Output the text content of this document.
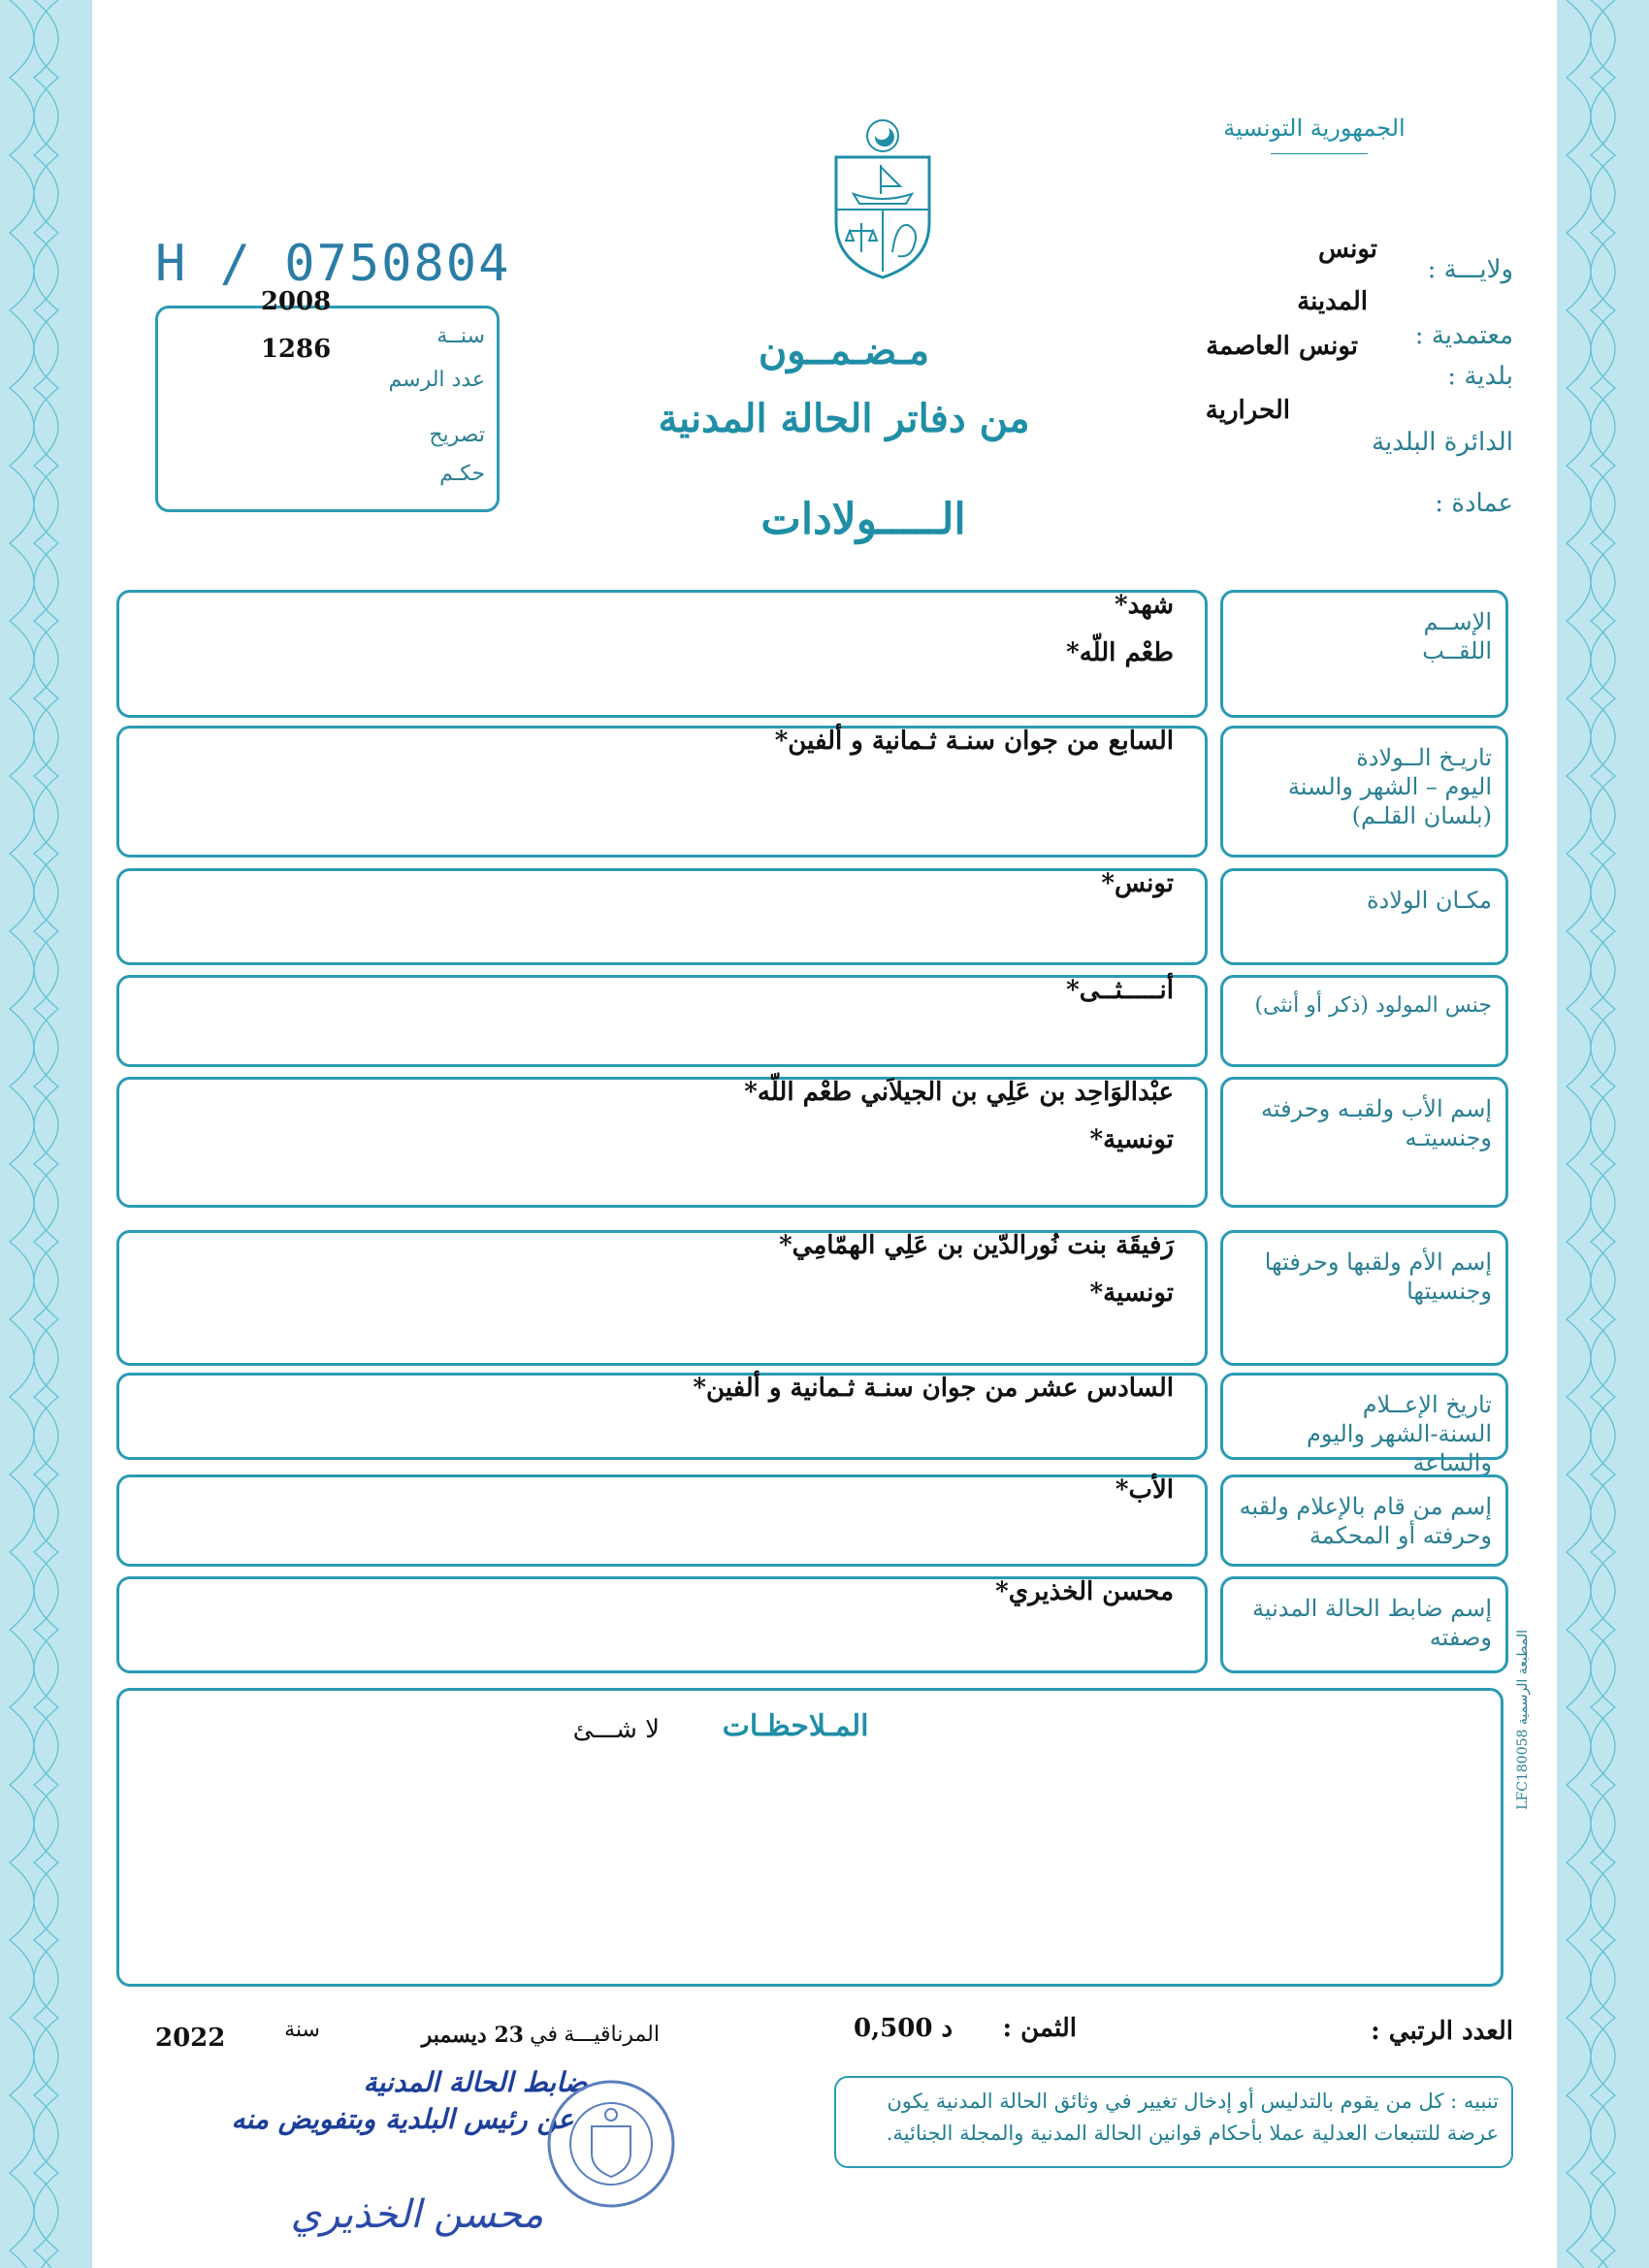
الجمهورية التونسية
H / 0750804	ولايـــة :
تونس
معتمدية :
المدينة
بلدية :
تونس العاصمة
الدائرة البلدية
الحرارية
عمادة :
2008
سنــة
1286
عدد الرسم
تصريح
حكـم
مـضـمــون
من دفاتر الحالة المدنية
الـــــولادات
الإســم
اللقــب
شهد*
طعْم اللّه*
تاريـخ الــولادة
اليوم – الشهر والسنة
(بلسان القلـم)
السابع من جوان سنـة ثـمانية و ألفين*
مكـان الولادة
تونس*
جنس المولود (ذكر أو أنثى)
أنـــــثــى*
إسم الأب ولقبـه وحرفته
وجنسيتـه
عبْدالوَاحِد بن عَلِي بن الجيلاَني طعْم اللّه*
تونسية*
إسم الأم ولقبها وحرفتها
وجنسيتها
رَفيقَة بنت نُورالدّين بن عَلِي الهمّامِي*
تونسية*
تاريخ الإعــلام
السنة-الشهر واليوم والساعة
السادس عشر من جوان سنـة ثـمانية و ألفين*
إسم من قام بالإعلام ولقبه
وحرفته أو المحكمة
الأب*
إسم ضابط الحالة المدنية
وصفته
محسن الخذيري*
المـلاحظـات
لا شـــئ	المطبعة الرسمية LFC180058
العدد الرتبي :
الثمن :
0,500 د
المرناقيـــة
في
23 ديسمبر
سنة
2022
تنبيه : كل من يقوم بالتدليس أو إدخال تغيير في وثائق الحالة المدنية يكون عرضة للتتبعات العدلية عملا بأحكام قوانين الحالة المدنية والمجلة الجنائية.
ضابط الحالة المدنية
عن رئيس البلدية وبتفويض منه
محسن الخذيري
